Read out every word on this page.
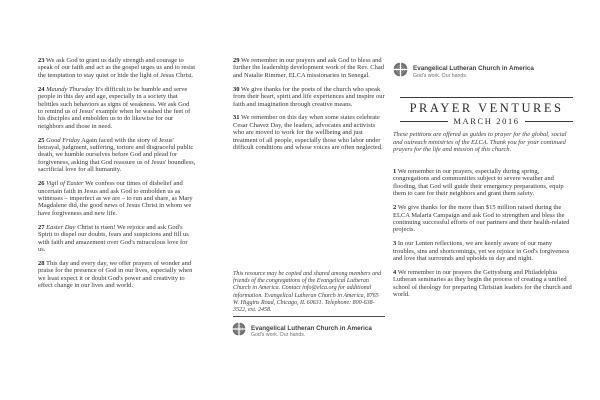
23 We ask God to grant us daily strength and courage to speak of our faith and act as the gospel urges us and to resist the temptation to stay quiet or hide the light of Jesus Christ.

24 Maundy Thursday It's difficult to be humble and serve people in this day and age, especially in a society that belittles such behaviors as signs of weakness. We ask God to remind us of Jesus' example when he washed the feet of his disciples and embolden us to do likewise for our neighbors and those in need.

25 Good Friday Again faced with the story of Jesus' betrayal, judgment, suffering, torture and disgraceful public death, we humble ourselves before God and plead for forgiveness, asking that God reassure us of Jesus' boundless, sacrificial love for all humanity.

26 Vigil of Easter We confess our times of disbelief and uncertain faith in Jesus and ask God to embolden us as witnesses – imperfect as we are – to run and share, as Mary Magdalene did, the good news of Jesus Christ in whom we have forgiveness and new life.

27 Easter Day Christ is risen! We rejoice and ask God's Spirit to dispel our doubts, fears and suspicions and fill us with faith and amazement over God's miraculous love for us.

28 This day and every day, we offer prayers of wonder and praise for the presence of God in our lives, especially when we least expect it or doubt God's power and creativity to effect change in our lives and world.

29 We remember in our prayers and ask God to bless and further the leadership development work of the Rev. Chad and Natalie Rimmer, ELCA missionaries in Senegal.

30 We give thanks for the poets of the church who speak from their heart, spirit and life experiences and inspire our faith and imagination through creative means.

31 We remember on this day when some states celebrate Cesar Chavez Day, the leaders, advocates and activists who are moved to work for the wellbeing and just treatment of all people, especially those who labor under difficult conditions and whose voices are often neglected.

This resource may be copied and shared among members and friends of the congregations of the Evangelical Lutheran Church in America. Contact info@elca.org for additional information. Evangelical Lutheran Church in America, 8765 W. Higgins Road, Chicago, IL 60631. Telephone: 800-638-3522, ext. 2458.
Evangelical Lutheran Church in America
God's work. Our hands.
Evangelical Lutheran Church in America
God's work. Our hands.
PRAYER VENTURES
MARCH 2016
These petitions are offered as guides to prayer for the global, social and outreach ministries of the ELCA. Thank you for your continued prayers for the life and mission of this church.

1 We remember in our prayers, especially during spring, congregations and communities subject to severe weather and flooding, that God will guide their emergency preparations, equip them to care for their neighbors and grant them safety.

2 We give thanks for the more than $15 million raised during the ELCA Malaria Campaign and ask God to strengthen and bless the continuing successful efforts of our partners and their health-related projects.

3 In our Lenten reflections, we are keenly aware of our many troubles, sins and shortcomings, yet we rejoice in God's forgiveness and love that surrounds and upholds us day and night.

4 We remember in our prayers the Gettysburg and Philadelphia Lutheran seminaries as they begin the process of creating a unified school of theology for preparing Christian leaders for the church and world.
